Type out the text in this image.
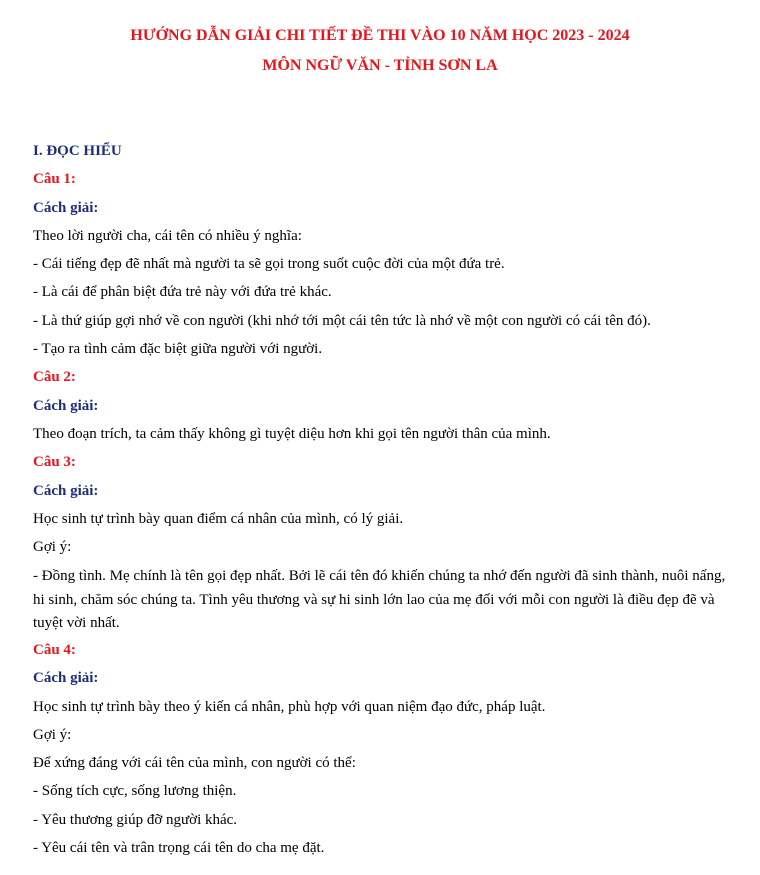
HƯỚNG DẪN GIẢI CHI TIẾT ĐỀ THI VÀO 10 NĂM HỌC 2023 - 2024
MÔN NGỮ VĂN - TỈNH SƠN LA
I. ĐỌC HIỂU
Câu 1:
Cách giải:
Theo lời người cha, cái tên có nhiều ý nghĩa:
- Cái tiếng đẹp đẽ nhất mà người ta sẽ gọi trong suốt cuộc đời của một đứa trẻ.
- Là cái để phân biệt đứa trẻ này với đứa trẻ khác.
- Là thứ giúp gợi nhớ về con người (khi nhớ tới một cái tên tức là nhớ về một con người có cái tên đó).
- Tạo ra tình cảm đặc biệt giữa người với người.
Câu 2:
Cách giải:
Theo đoạn trích, ta cảm thấy không gì tuyệt diệu hơn khi gọi tên người thân của mình.
Câu 3:
Cách giải:
Học sinh tự trình bày quan điểm cá nhân của mình, có lý giải.
Gợi ý:
- Đồng tình. Mẹ chính là tên gọi đẹp nhất. Bởi lẽ cái tên đó khiến chúng ta nhớ đến người đã sinh thành, nuôi nấng, hi sinh, chăm sóc chúng ta. Tình yêu thương và sự hi sinh lớn lao của mẹ đối với mỗi con người là điều đẹp đẽ và tuyệt vời nhất.
Câu 4:
Cách giải:
Học sinh tự trình bày theo ý kiến cá nhân, phù hợp với quan niệm đạo đức, pháp luật.
Gợi ý:
Để xứng đáng với cái tên của mình, con người có thể:
- Sống tích cực, sống lương thiện.
- Yêu thương giúp đỡ người khác.
- Yêu cái tên và trân trọng cái tên do cha mẹ đặt.
